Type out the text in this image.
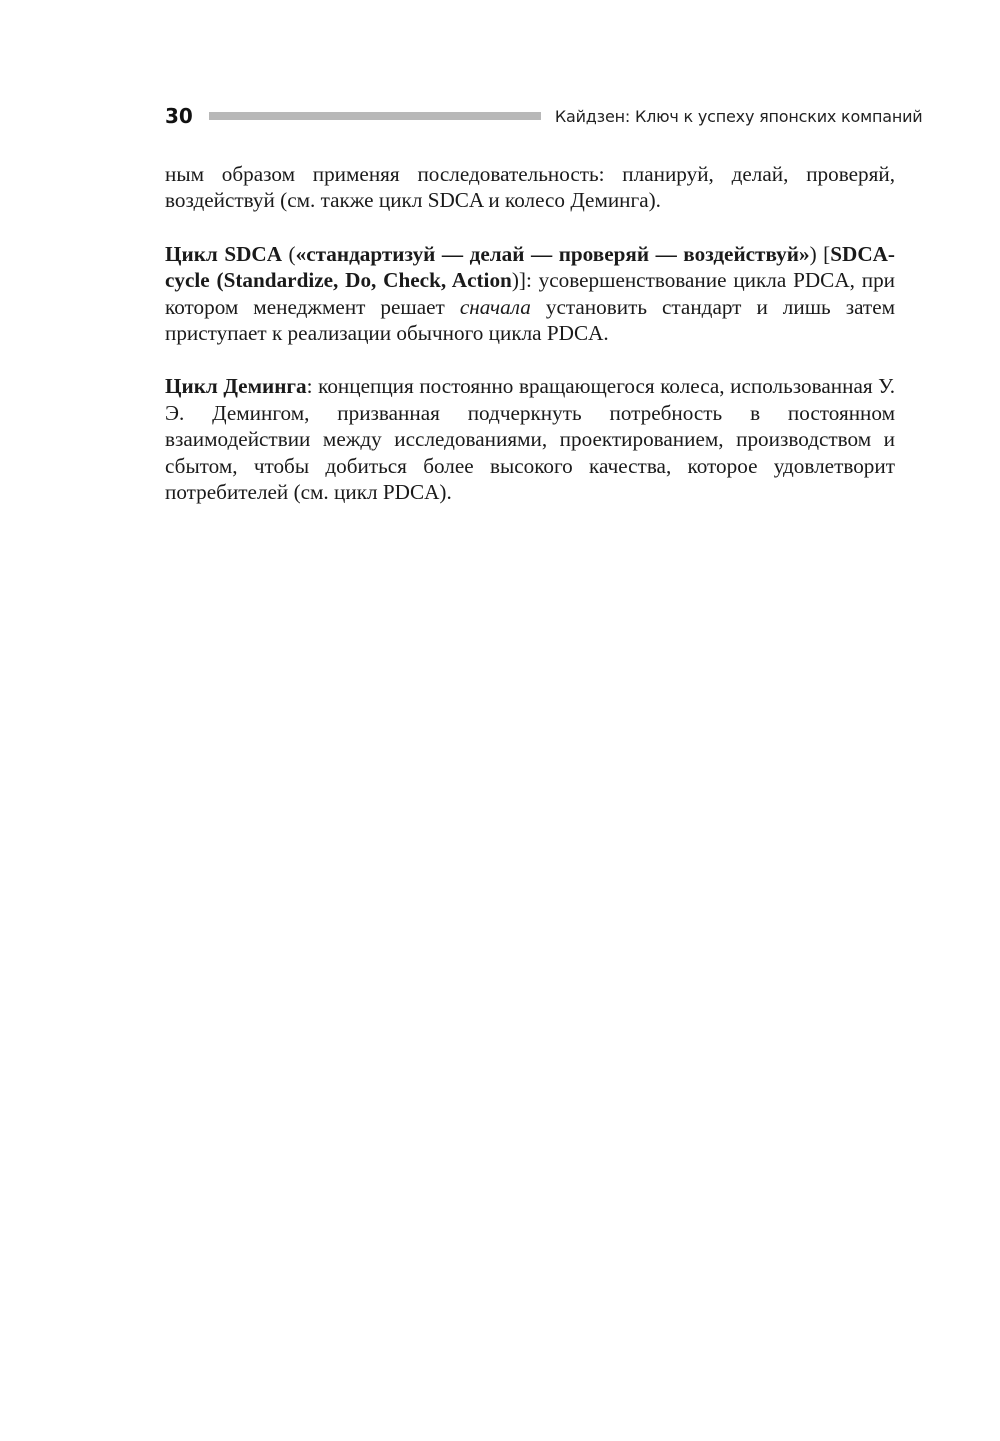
30	Кайдзен: Ключ к успеху японских компаний

ным образом применяя последовательность: планируй, делай, проверяй, воздействуй (см. также цикл SDCA и колесо Деминга).

Цикл SDCA («стандартизуй — делай — проверяй — воздействуй») [SDCA-cycle (Standardize, Do, Check, Action)]: усовершенствование цикла PDCA, при котором менеджмент решает сначала установить стандарт и лишь затем приступает к реализации обычного цикла PDCA.

Цикл Деминга: концепция постоянно вращающегося колеса, использованная У. Э. Демингом, призванная подчеркнуть потребность в постоянном взаимодействии между исследованиями, проектированием, производством и сбытом, чтобы добиться более высокого качества, которое удовлетворит потребителей (см. цикл PDCA).
